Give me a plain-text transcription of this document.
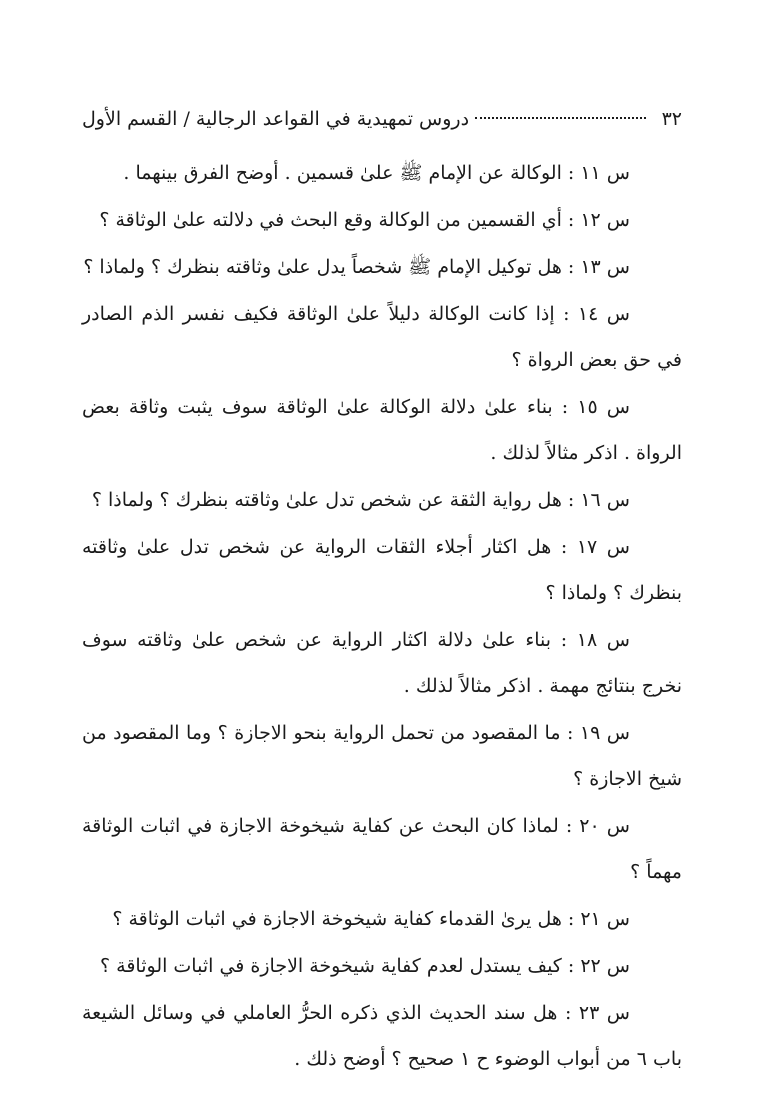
٣٢
دروس تمهيدية في القواعد الرجالية / القسم الأول

س ١١ : الوكالة عن الإمام ﷺ علىٰ قسمين . أوضح الفرق بينهما .

س ١٢ : أي القسمين من الوكالة وقع البحث في دلالته علىٰ الوثاقة ؟

س ١٣ : هل توكيل الإمام ﷺ شخصاً يدل علىٰ وثاقته بنظرك ؟ ولماذا ؟

س ١٤ : إذا كانت الوكالة دليلاً علىٰ الوثاقة فكيف نفسر الذم الصادر في حق بعض الرواة ؟

س ١٥ : بناء علىٰ دلالة الوكالة علىٰ الوثاقة سوف يثبت وثاقة بعض الرواة . اذكر مثالاً لذلك .

س ١٦ : هل رواية الثقة عن شخص تدل علىٰ وثاقته بنظرك ؟ ولماذا ؟

س ١٧ : هل اكثار أجلاء الثقات الرواية عن شخص تدل علىٰ وثاقته بنظرك ؟ ولماذا ؟

س ١٨ : بناء علىٰ دلالة اكثار الرواية عن شخص علىٰ وثاقته سوف نخرج بنتائج مهمة . اذكر مثالاً لذلك .

س ١٩ : ما المقصود من تحمل الرواية بنحو الاجازة ؟ وما المقصود من شيخ الاجازة ؟

س ٢٠ : لماذا كان البحث عن كفاية شيخوخة الاجازة في اثبات الوثاقة مهماً ؟

س ٢١ : هل يرىٰ القدماء كفاية شيخوخة الاجازة في اثبات الوثاقة ؟

س ٢٢ : كيف يستدل لعدم كفاية شيخوخة الاجازة في اثبات الوثاقة ؟

س ٢٣ : هل سند الحديث الذي ذكره الحرُّ العاملي في وسائل الشيعة باب ٦ من أبواب الوضوء ح ١ صحيح ؟ أوضح ذلك .
